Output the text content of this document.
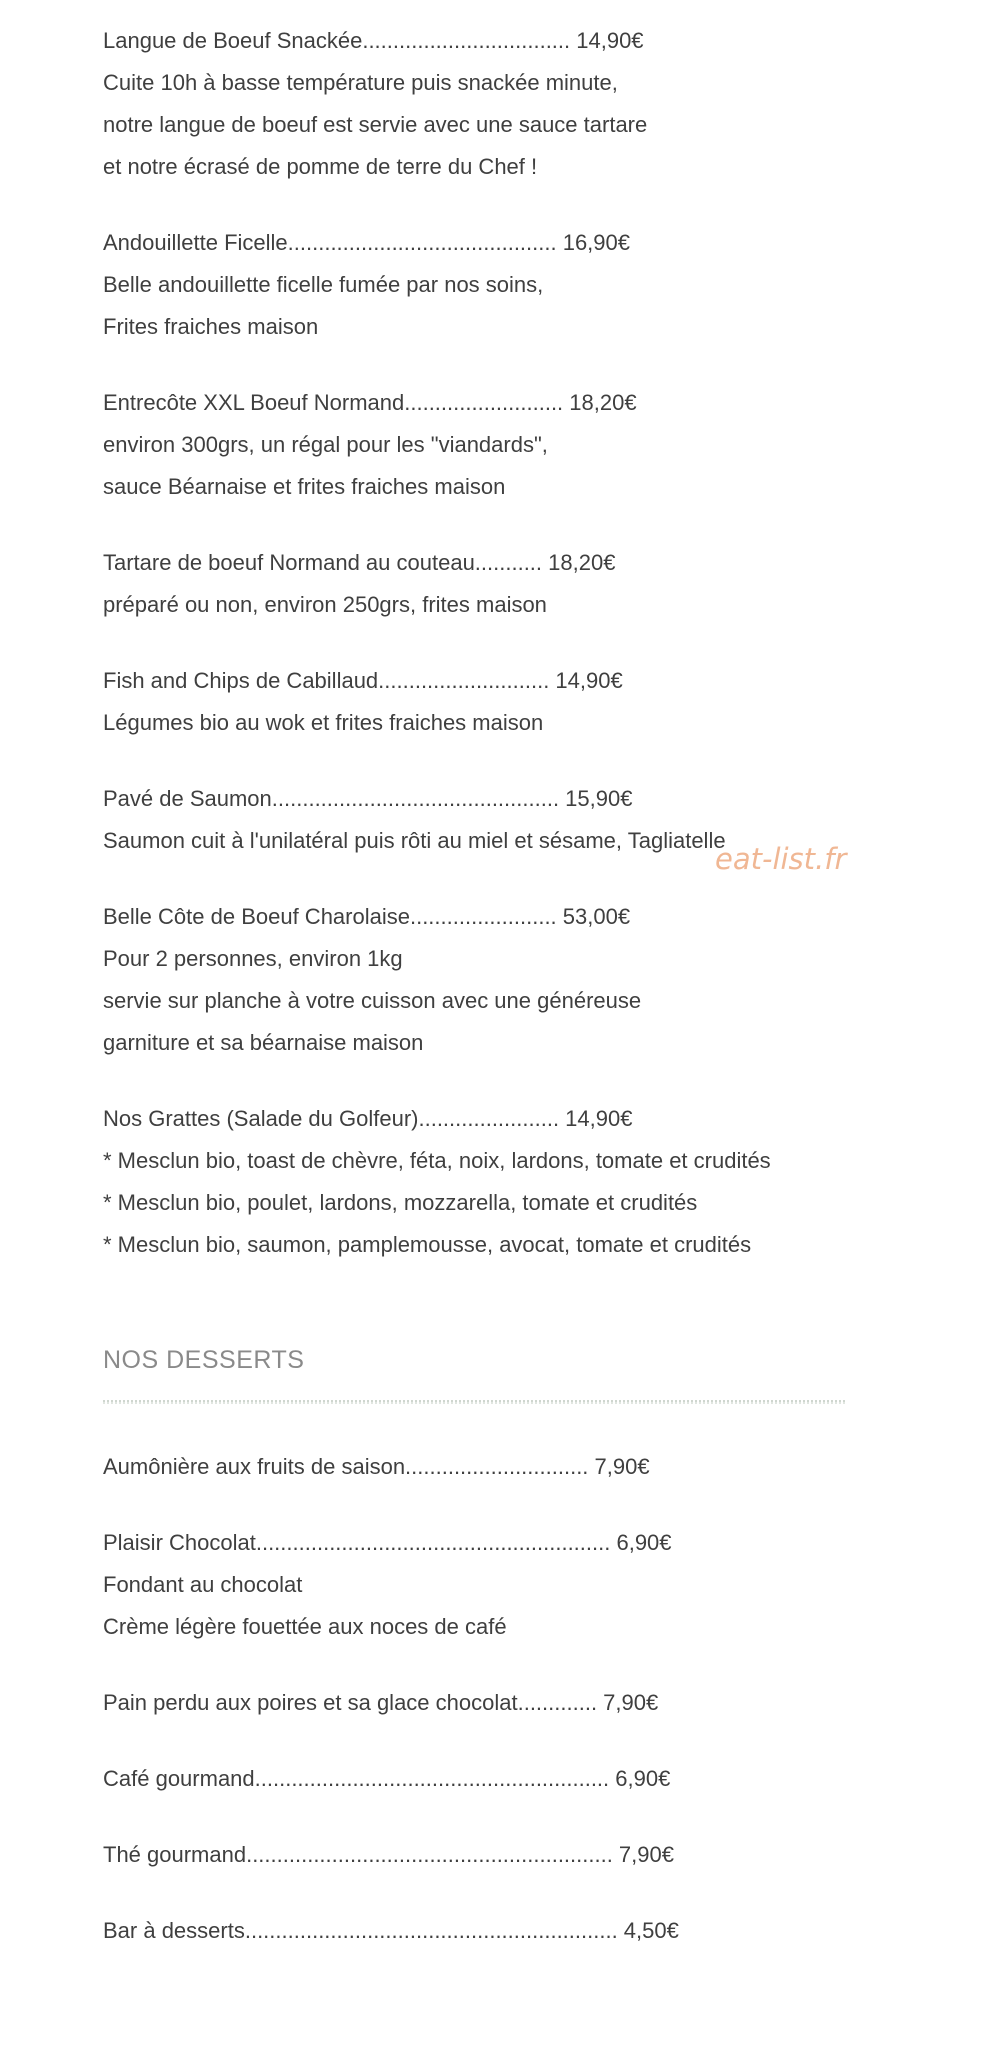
Langue de Boeuf Snackée.................................. 14,90€
Cuite 10h à basse température puis snackée minute,
notre langue de boeuf est servie avec une sauce tartare
et notre écrasé de pomme de terre du Chef !
Andouillette Ficelle............................................ 16,90€
Belle andouillette ficelle fumée par nos soins,
Frites fraiches maison
Entrecôte XXL Boeuf Normand.......................... 18,20€
environ 300grs, un régal pour les "viandards",
sauce Béarnaise et frites fraiches maison
Tartare de boeuf Normand au couteau........... 18,20€
préparé ou non, environ 250grs, frites maison
Fish and Chips de Cabillaud............................ 14,90€
Légumes bio au wok et frites fraiches maison
Pavé de Saumon............................................... 15,90€
Saumon cuit à l'unilatéral puis rôti au miel et sésame, Tagliatelle
Belle Côte de Boeuf Charolaise........................ 53,00€
Pour 2 personnes, environ 1kg
servie sur planche à votre cuisson avec une généreuse
garniture et sa béarnaise maison
Nos Grattes (Salade du Golfeur)....................... 14,90€
* Mesclun bio, toast de chèvre, féta, noix, lardons, tomate et crudités
* Mesclun bio, poulet, lardons, mozzarella, tomate et crudités
* Mesclun bio, saumon, pamplemousse, avocat, tomate et crudités
NOS DESSERTS
Aumônière aux fruits de saison.............................. 7,90€
Plaisir Chocolat.......................................................... 6,90€
Fondant au chocolat
Crème légère fouettée aux noces de café
Pain perdu aux poires et sa glace chocolat............. 7,90€
Café gourmand.......................................................... 6,90€
Thé gourmand............................................................ 7,90€
Bar à desserts............................................................. 4,50€
eat-list.fr
